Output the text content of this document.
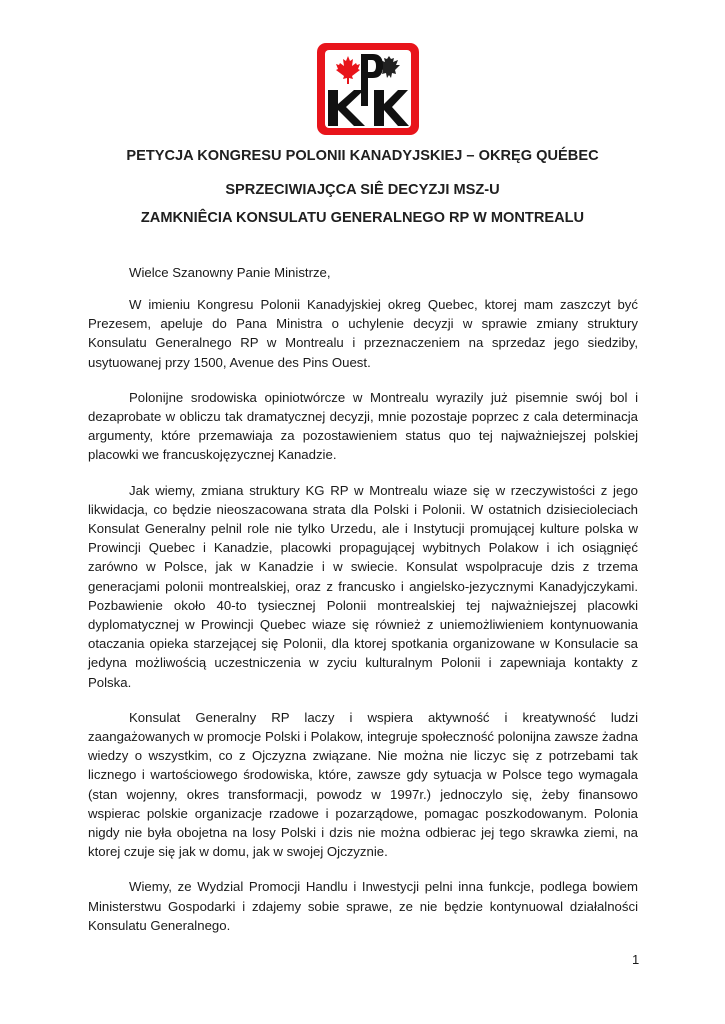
PETYCJA KONGRESU POLONII KANADYJSKIEJ – OKRĘG QUÉBEC
SPRZECIWIAJÇCA SIÊ DECYZJI MSZ-U
ZAMKNIÊCIA KONSULATU GENERALNEGO RP W MONTREALU
Wielce Szanowny Panie Ministrze,

W imieniu Kongresu Polonii Kanadyjskiej okreg Quebec, ktorej mam zaszczyt być Prezesem, apeluje do Pana Ministra o uchylenie decyzji w sprawie zmiany struktury Konsulatu Generalnego RP w Montrealu i przeznaczeniem na sprzedaz jego siedziby, usytuowanej przy 1500, Avenue des Pins Ouest.

Polonijne srodowiska opiniotwórcze w Montrealu wyrazily już pisemnie swój bol i dezaprobate w obliczu tak dramatycznej decyzji, mnie pozostaje poprzec z cala determinacja argumenty, które przemawiaja za pozostawieniem status quo tej najważniejszej polskiej placowki we francuskojęzycznej Kanadzie.

Jak wiemy, zmiana struktury KG RP w Montrealu wiaze się w rzeczywistości z jego likwidacja, co będzie nieoszacowana strata dla Polski i Polonii. W ostatnich dzisiecioleciach Konsulat Generalny pelnil role nie tylko Urzedu, ale i Instytucji promującej kulture polska w Prowincji Quebec i Kanadzie, placowki propagującej wybitnych Polakow i ich osiągnięć zarówno w Polsce, jak w Kanadzie i w swiecie. Konsulat wspolpracuje dzis z trzema generacjami polonii montrealskiej, oraz z francusko i angielsko-jezycznymi Kanadyjczykami. Pozbawienie około 40-to tysiecznej Polonii montrealskiej tej najważniejszej placowki dyplomatycznej w Prowincji Quebec wiaze się również z uniemożliwieniem kontynuowania otaczania opieka starzejącej się Polonii, dla ktorej spotkania organizowane w Konsulacie sa jedyna możliwością uczestniczenia w zyciu kulturalnym Polonii i zapewniaja kontakty z Polska.

Konsulat Generalny RP laczy i wspiera aktywność i kreatywność ludzi zaangażowanych w promocje Polski i Polakow, integruje społeczność polonijna zawsze żadna wiedzy o wszystkim, co z Ojczyzna związane. Nie można nie liczyc się z potrzebami tak licznego i wartościowego środowiska, które, zawsze gdy sytuacja w Polsce tego wymagala (stan wojenny, okres transformacji, powodz w 1997r.) jednoczylo się, żeby finansowo wspierac polskie organizacje rzadowe i pozarządowe, pomagac poszkodowanym. Polonia nigdy nie była obojetna na losy Polski i dzis nie można odbierac jej tego skrawka ziemi, na ktorej czuje się jak w domu, jak w swojej Ojczyznie.

Wiemy, ze Wydzial Promocji Handlu i Inwestycji pelni inna funkcje, podlega bowiem Ministerstwu Gospodarki i zdajemy sobie sprawe, ze nie będzie kontynuowal działalności Konsulatu Generalnego.

1
